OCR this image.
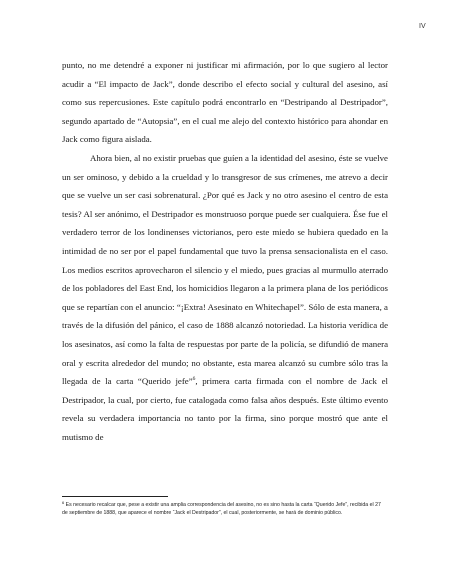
IV

punto, no me detendré a exponer ni justificar mi afirmación, por lo que sugiero al lector acudir a “El impacto de Jack”, donde describo el efecto social y cultural del asesino, así como sus repercusiones. Este capítulo podrá encontrarlo en “Destripando al Destripador”, segundo apartado de “Autopsia”, en el cual me alejo del contexto histórico para ahondar en Jack como figura aislada.

Ahora bien, al no existir pruebas que guíen a la identidad del asesino, éste se vuelve un ser ominoso, y debido a la crueldad y lo transgresor de sus crímenes, me atrevo a decir que se vuelve un ser casi sobrenatural. ¿Por qué es Jack y no otro asesino el centro de esta tesis? Al ser anónimo, el Destripador es monstruoso porque puede ser cualquiera. Ése fue el verdadero terror de los londinenses victorianos, pero este miedo se hubiera quedado en la intimidad de no ser por el papel fundamental que tuvo la prensa sensacionalista en el caso. Los medios escritos aprovecharon el silencio y el miedo, pues gracias al murmullo aterrado de los pobladores del East End, los homicidios llegaron a la primera plana de los periódicos que se repartían con el anuncio: “¡Extra! Asesinato en Whitechapel”. Sólo de esta manera, a través de la difusión del pánico, el caso de 1888 alcanzó notoriedad. La historia verídica de los asesinatos, así como la falta de respuestas por parte de la policía, se difundió de manera oral y escrita alrededor del mundo; no obstante, esta marea alcanzó su cumbre sólo tras la llegada de la carta “Querido jefe”$^6$, primera carta firmada con el nombre de Jack el Destripador, la cual, por cierto, fue catalogada como falsa años después. Este último evento revela su verdadera importancia no tanto por la firma, sino porque mostró que ante el mutismo de

$^6$ Es necesario recalcar que, pese a existir una amplia correspondencia del asesino, no es sino hasta la carta “Querido Jefe”, recibida el 27 de septiembre de 1888, que aparece el nombre “Jack el Destripador”, el cual, posteriormente, se hará de dominio público.
